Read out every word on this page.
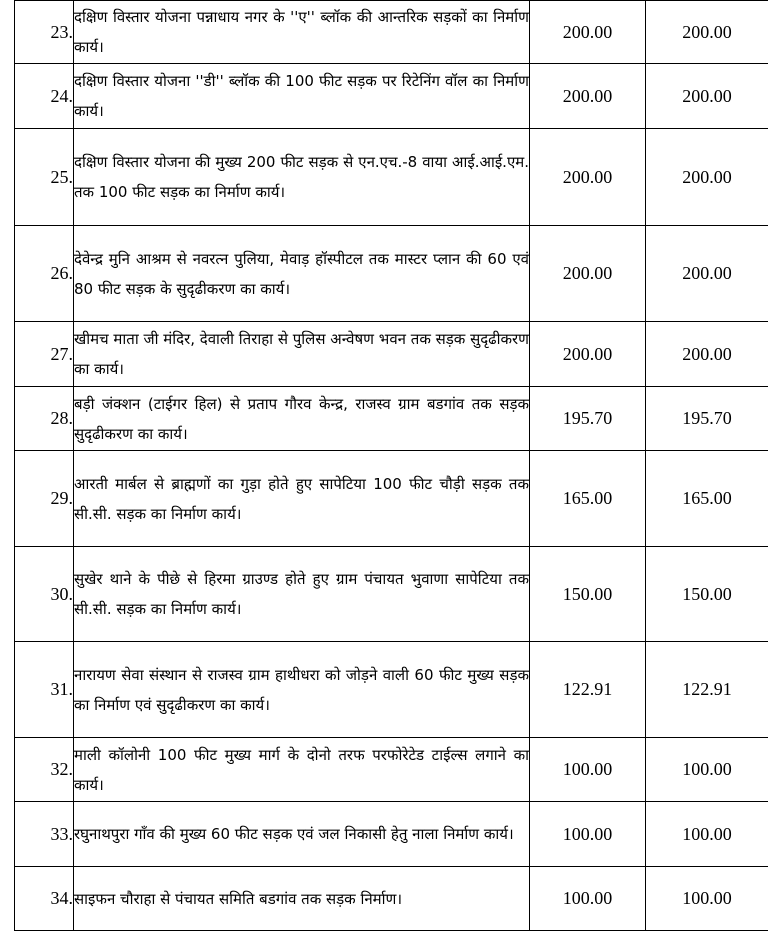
23.	दक्षिण विस्तार योजना पन्नाधाय नगर के ''ए'' ब्लॉक की आन्तरिक सड़कों का निर्माण कार्य।	200.00	200.00
24.	दक्षिण विस्तार योजना ''डी'' ब्लॉक की 100 फीट सड़क पर रिटेनिंग वॉल का निर्माण कार्य।	200.00	200.00
25.	दक्षिण विस्तार योजना की मुख्य 200 फीट सड़क से एन.एच.-8 वाया आई.आई.एम. तक 100 फीट सड़क का निर्माण कार्य।	200.00	200.00
26.	देवेन्द्र मुनि आश्रम से नवरत्न पुलिया, मेवाड़ हॉस्पीटल तक मास्टर प्लान की 60 एवं 80 फीट सड़क के सुदृढीकरण का कार्य।	200.00	200.00
27.	खीमच माता जी मंदिर, देवाली तिराहा से पुलिस अन्वेषण भवन तक सड़क सुदृढीकरण का कार्य।	200.00	200.00
28.	बड़ी जंक्शन (टाईगर हिल) से प्रताप गौरव केन्द्र, राजस्व ग्राम बडगांव तक सड़क सुदृढीकरण का कार्य।	195.70	195.70
29.	आरती मार्बल से ब्राह्मणों का गुड़ा होते हुए सापेटिया 100 फीट चौड़ी सड़क तक सी.सी. सड़क का निर्माण कार्य।	165.00	165.00
30.	सुखेर थाने के पीछे से हिरमा ग्राउण्ड होते हुए ग्राम पंचायत भुवाणा सापेटिया तक सी.सी. सड़क का निर्माण कार्य।	150.00	150.00
31.	नारायण सेवा संस्थान से राजस्व ग्राम हाथीधरा को जोड़ने वाली 60 फीट मुख्य सड़क का निर्माण एवं सुदृढीकरण का कार्य।	122.91	122.91
32.	माली कॉलोनी 100 फीट मुख्य मार्ग के दोनो तरफ परफोरेटेड टाईल्स लगाने का कार्य।	100.00	100.00
33.	रघुनाथपुरा गाँव की मुख्य 60 फीट सड़क एवं जल निकासी हेतु नाला निर्माण कार्य।	100.00	100.00
34.	साइफन चौराहा से पंचायत समिति बडगांव तक सड़क निर्माण।	100.00	100.00
